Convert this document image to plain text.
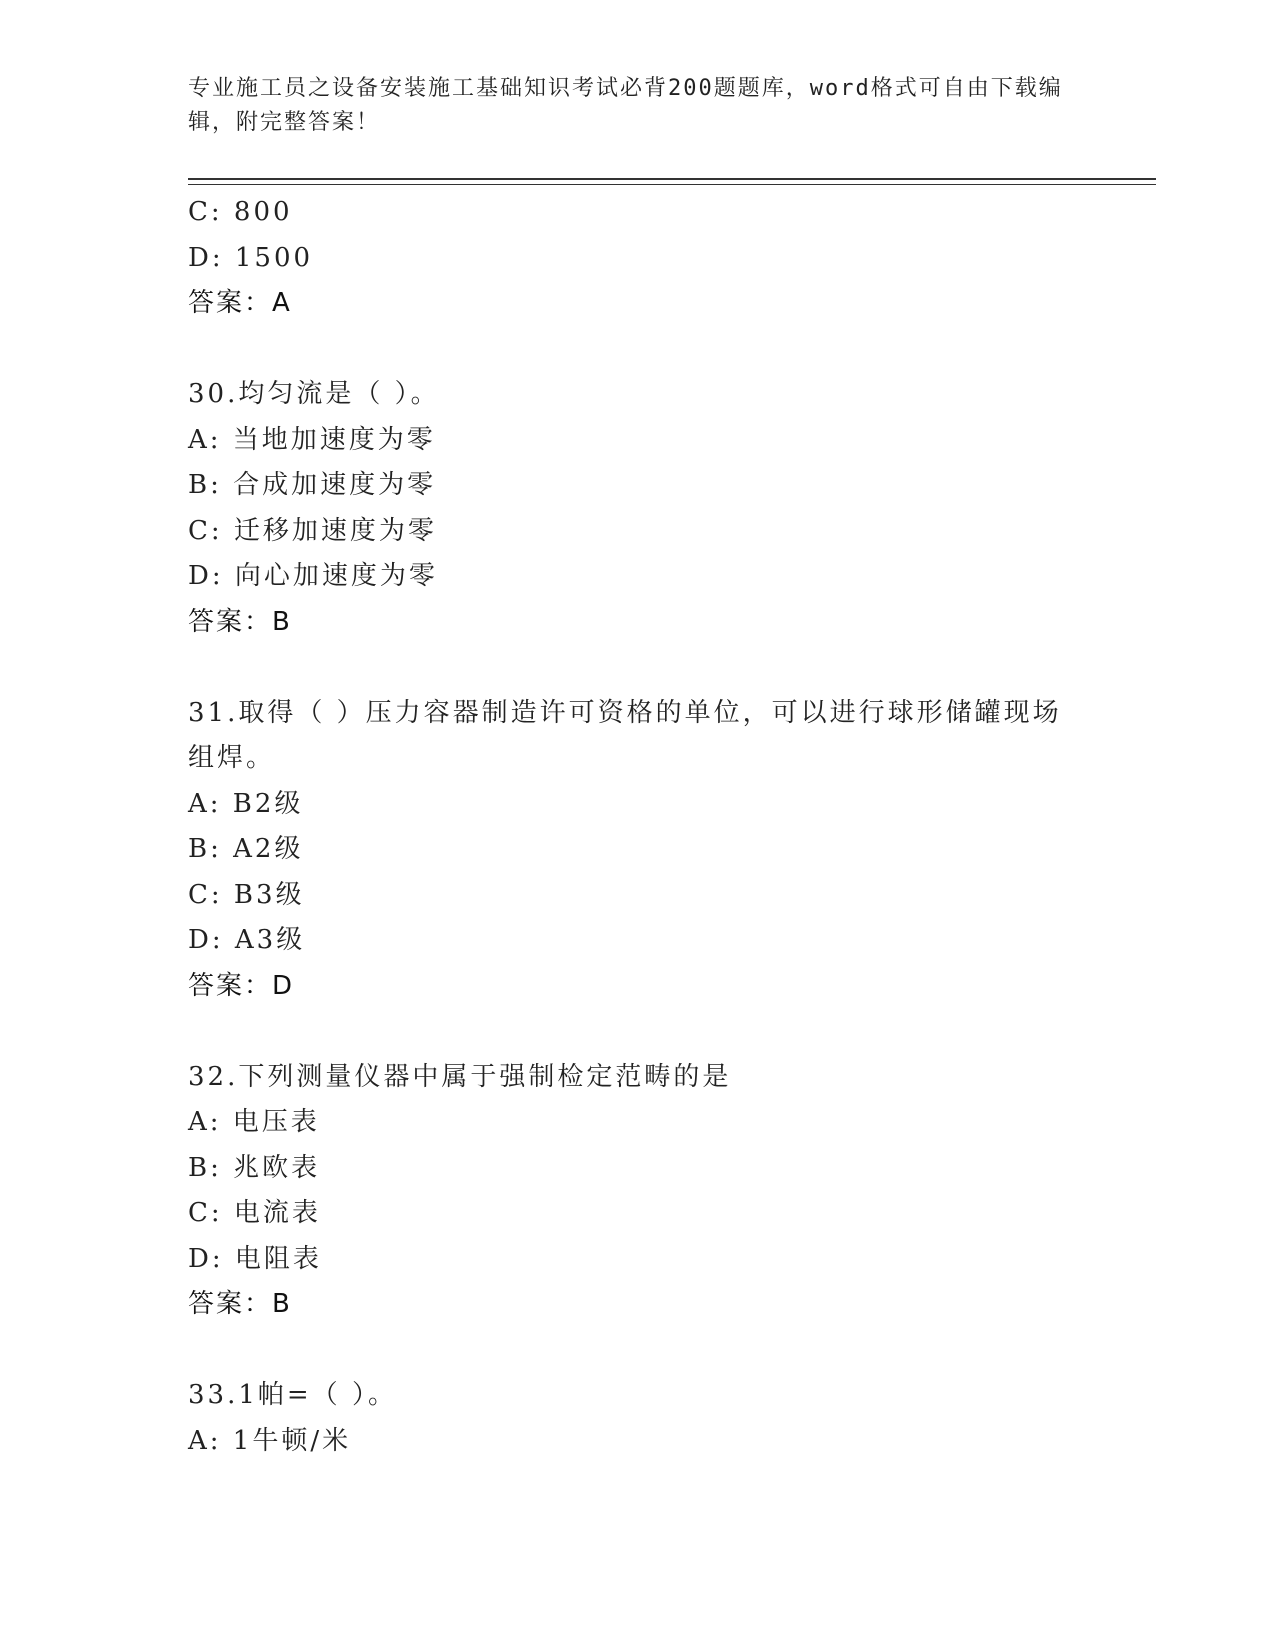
专业施工员之设备安装施工基础知识考试必背200题题库，word格式可自由下载编辑，附完整答案！
C: 800
D: 1500
答案：A
30.均匀流是（ ）。
A: 当地加速度为零
B: 合成加速度为零
C: 迁移加速度为零
D: 向心加速度为零
答案：B
31.取得（ ）压力容器制造许可资格的单位，可以进行球形储罐现场组焊。
A: B2级
B: A2级
C: B3级
D: A3级
答案：D
32.下列测量仪器中属于强制检定范畴的是
A: 电压表
B: 兆欧表
C: 电流表
D: 电阻表
答案：B
33.1帕=（ ）。
A: 1牛顿/米
